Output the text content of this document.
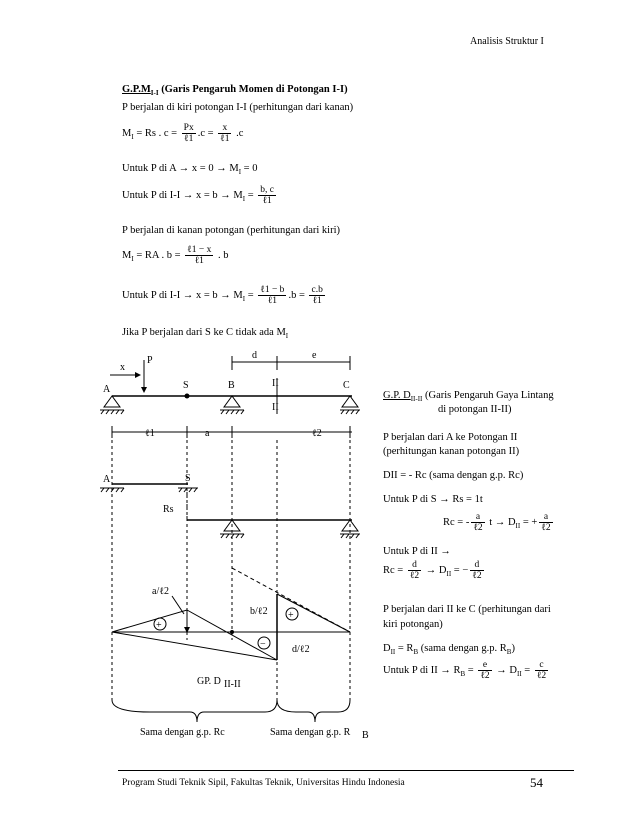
Analisis Struktur I
$G.P.M_{I-I}$ (Garis Pengaruh Momen di Potongan I-I)
P berjalan di kiri potongan I-I (perhitungan dari kanan)
$M_I = Rs$ . $c = \frac{Px}{\text{ℓ1}} .c = \frac{x}{\text{ℓ1}} .c$
Untuk P di $A \to x = 0 \to M_I = 0$
Untuk P di $I-I \to x = b \to M_I = \frac{b, c}{\text{ℓ1}}$
P berjalan di kanan potongan (perhitungan dari kiri)
$M_I$ = RA . $b = \frac{\text{ℓ1 − x}}{\text{ℓ1}}$ . b
Untuk P di $I-I \to x = b \to M_I = \frac{\text{ℓ1 − b}}{\text{ℓ1}} .b = \frac{c.b}{\text{ℓ1}}$
Jika P berjalan dari S ke C tidak ada $M_I$
x
P	d	e
A	S	B	II
II
C
ℓ1	a	ℓ2
A	S
Rs
a/ℓ2
b/ℓ2
d/ℓ2
+
+
−
GP. D II-II
Sama dengan g.p. Rc	Sama dengan g.p. R B
G.P. $D_{II-II}$ (Garis Pengaruh Gaya Lintang
di potongan II-II)
P berjalan dari A ke Potongan II
(perhitungan kanan potongan II)
DII = - Rc (sama dengan g.p. Rc)
Untuk P di S → Rs = 1t
Rc = - $\frac{a}{\text{ℓ2}}$ $t \to D_{II}$ = + $\frac{a}{\text{ℓ2}}$
Untuk P di II →
$Rc = \frac{d}{\text{ℓ2}} \to D_{II}$ = − $\frac{d}{\text{ℓ2}}$
P berjalan dari II ke C (perhitungan dari
kiri potongan)
$D_{II} = R_B$ (sama dengan g.p. $R_B$)
Untuk P di II → $R_B = \frac{e}{\text{ℓ2}} \to D_{II} = \frac{c}{\text{ℓ2}}$
Program Studi Teknik Sipil, Fakultas Teknik, Universitas Hindu Indonesia	54
